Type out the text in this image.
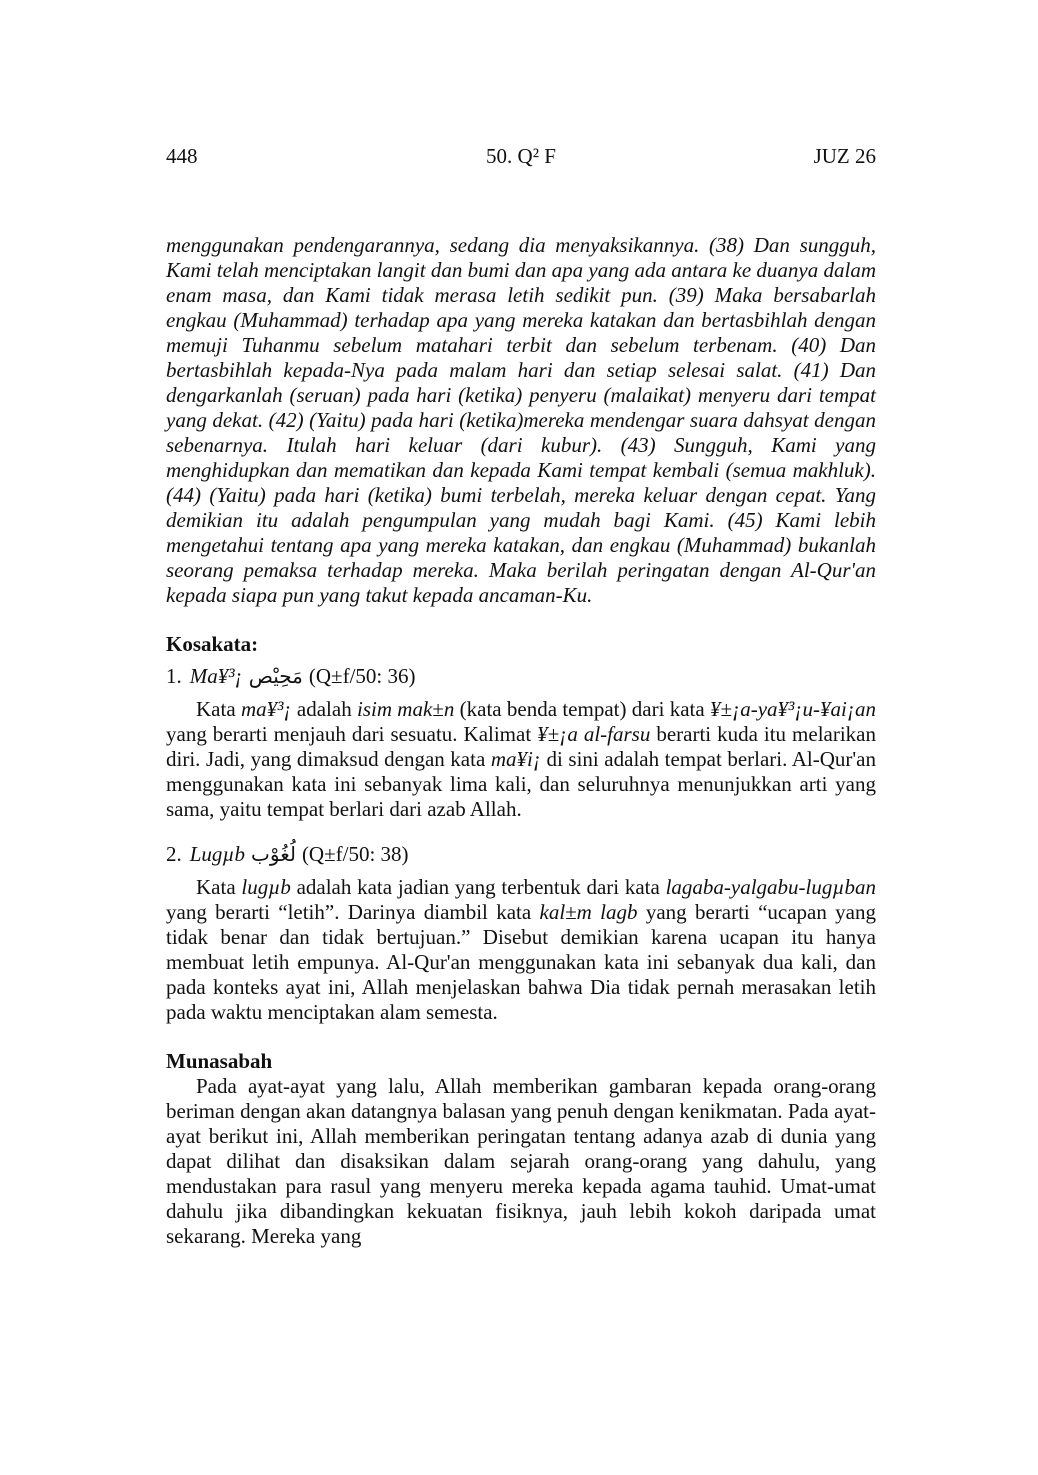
448	50. Q² F	JUZ 26

menggunakan pendengarannya, sedang dia menyaksikannya. (38) Dan sungguh, Kami telah menciptakan langit dan bumi dan apa yang ada antara ke duanya dalam enam masa, dan Kami tidak merasa letih sedikit pun. (39) Maka bersabarlah engkau (Muhammad) terhadap apa yang mereka katakan dan bertasbihlah dengan memuji Tuhanmu sebelum matahari terbit dan sebelum terbenam. (40) Dan bertasbihlah kepada-Nya pada malam hari dan setiap selesai salat. (41) Dan dengarkanlah (seruan) pada hari (ketika) penyeru (malaikat) menyeru dari tempat yang dekat. (42) (Yaitu) pada hari (ketika)mereka mendengar suara dahsyat dengan sebenarnya. Itulah hari keluar (dari kubur). (43) Sungguh, Kami yang menghidupkan dan mematikan dan kepada Kami tempat kembali (semua makhluk). (44) (Yaitu) pada hari (ketika) bumi terbelah, mereka keluar dengan cepat. Yang demikian itu adalah pengumpulan yang mudah bagi Kami. (45) Kami lebih mengetahui tentang apa yang mereka katakan, dan engkau (Muhammad) bukanlah seorang pemaksa terhadap mereka. Maka berilah peringatan dengan Al-Qur'an kepada siapa pun yang takut kepada ancaman-Ku.

Kosakata:
1. Ma¥³¡ مَحِيْص (Q±f/50: 36)

Kata ma¥³¡ adalah isim mak±n (kata benda tempat) dari kata ¥±¡a-ya¥³¡u-¥ai¡an yang berarti menjauh dari sesuatu. Kalimat ¥±¡a al-farsu berarti kuda itu melarikan diri. Jadi, yang dimaksud dengan kata ma¥i¡ di sini adalah tempat berlari. Al-Qur'an menggunakan kata ini sebanyak lima kali, dan seluruhnya menunjukkan arti yang sama, yaitu tempat berlari dari azab Allah.

2. Lugµb لُغُوْب (Q±f/50: 38)

Kata lugµb adalah kata jadian yang terbentuk dari kata lagaba-yalgabu-lugµban yang berarti “letih”. Darinya diambil kata kal±m lagb yang berarti “ucapan yang tidak benar dan tidak bertujuan.” Disebut demikian karena ucapan itu hanya membuat letih empunya. Al-Qur'an menggunakan kata ini sebanyak dua kali, dan pada konteks ayat ini, Allah menjelaskan bahwa Dia tidak pernah merasakan letih pada waktu menciptakan alam semesta.

Munasabah

Pada ayat-ayat yang lalu, Allah memberikan gambaran kepada orang-orang beriman dengan akan datangnya balasan yang penuh dengan kenikmatan. Pada ayat-ayat berikut ini, Allah memberikan peringatan tentang adanya azab di dunia yang dapat dilihat dan disaksikan dalam sejarah orang-orang yang dahulu, yang mendustakan para rasul yang menyeru mereka kepada agama tauhid. Umat-umat dahulu jika dibandingkan kekuatan fisiknya, jauh lebih kokoh daripada umat sekarang. Mereka yang
